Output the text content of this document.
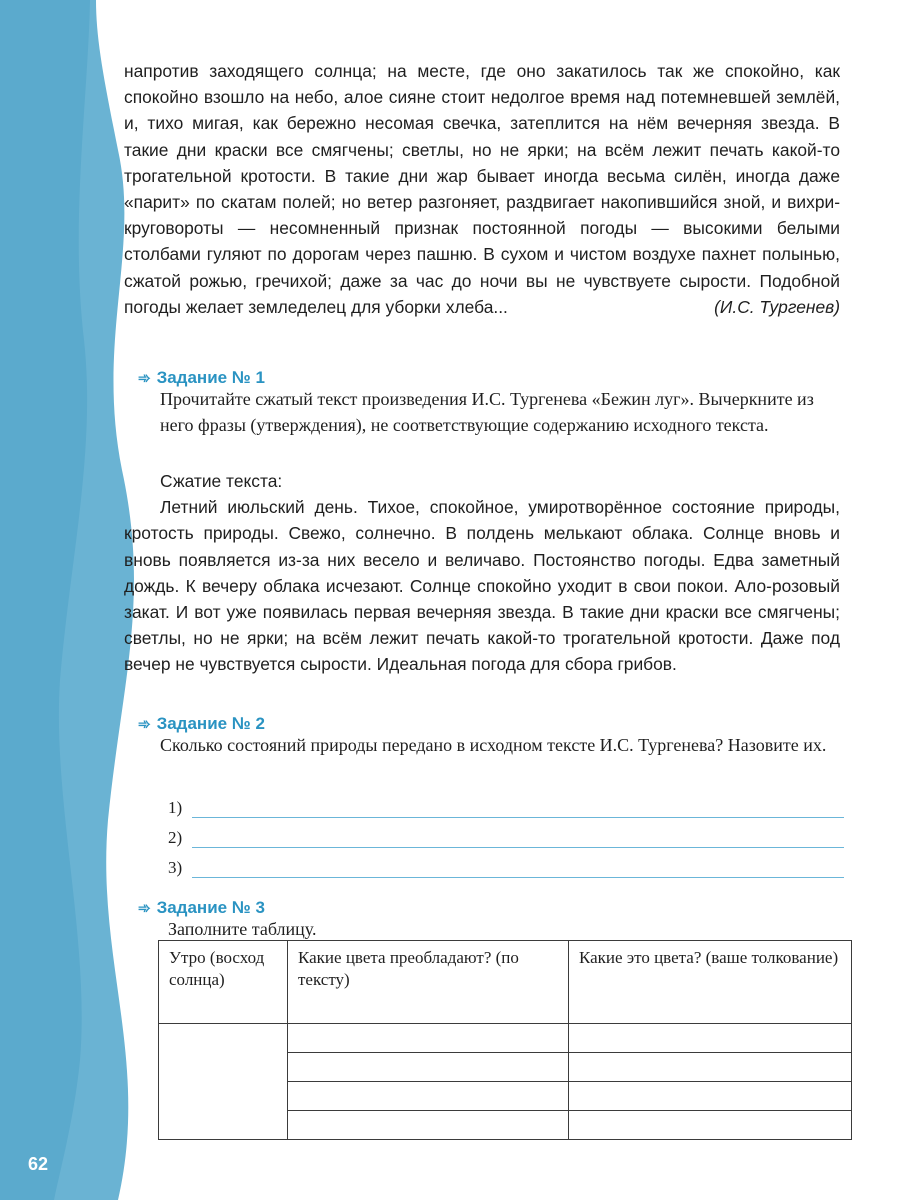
напротив заходящего солнца; на месте, где оно закатилось так же спокойно, как спокойно взошло на небо, алое сияне стоит недолгое время над потемневшей землёй, и, тихо мигая, как бережно несомая свечка, затеплится на нём вечерняя звезда. В такие дни краски все смягчены; светлы, но не ярки; на всём лежит печать какой-то трогательной кротости. В такие дни жар бывает иногда весьма силён, иногда даже «парит» по скатам полей; но ветер разгоняет, раздвигает накопившийся зной, и вихри-круговороты — несомненный признак постоянной погоды — высокими белыми столбами гуляют по дорогам через пашню. В сухом и чистом воздухе пахнет полынью, сжатой рожью, гречихой; даже за час до ночи вы не чувствуете сырости. Подобной погоды желает земледелец для уборки хлеба...	(И.С. Тургенев)

➾ Задание № 1

Прочитайте сжатый текст произведения И.С. Тургенева «Бежин луг». Вычеркните из него фразы (утверждения), не соответствующие содержанию исходного текста.

Сжатие текста:

Летний июльский день. Тихое, спокойное, умиротворённое состояние природы, кротость природы. Свежо, солнечно. В полдень мелькают облака. Солнце вновь и вновь появляется из-за них весело и величаво. Постоянство погоды. Едва заметный дождь. К вечеру облака исчезают. Солнце спокойно уходит в свои покои. Ало-розовый закат. И вот уже появилась первая вечерняя звезда. В такие дни краски все смягчены; светлы, но не ярки; на всём лежит печать какой-то трогательной кротости. Даже под вечер не чувствуется сырости. Идеальная погода для сбора грибов.

➾ Задание № 2

Сколько состояний природы передано в исходном тексте И.С. Тургенева? Назовите их.

1)
2)
3)
➾ Задание № 3

Заполните таблицу.

Утро (восход солнца)	Какие цвета преобладают? (по тексту)	Какие это цвета? (ваше толкование)

62
